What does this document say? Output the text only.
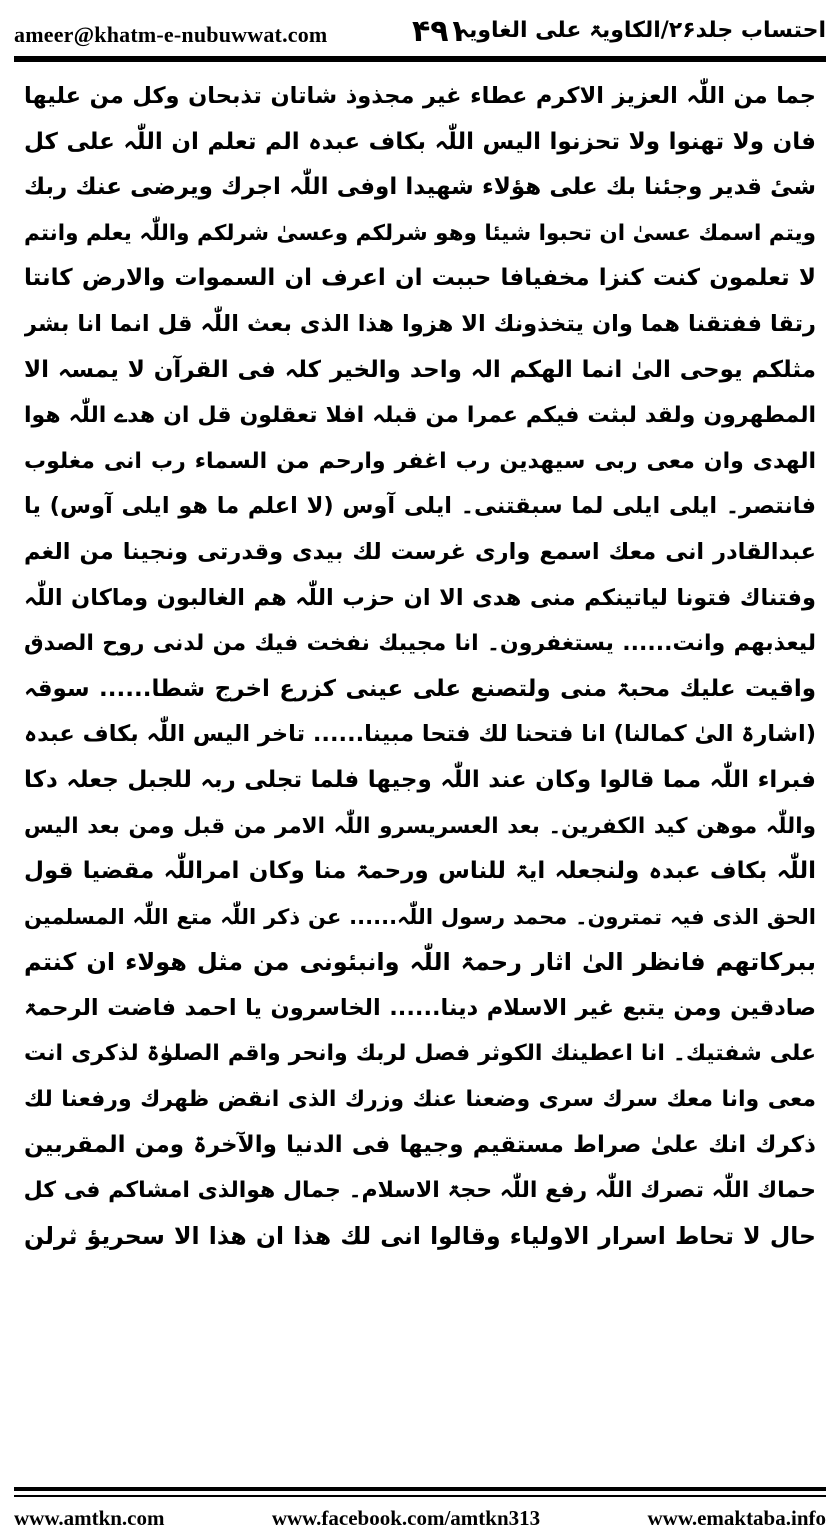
ameer@khatm-e-nubuwwat.com	۴۹۱
احتساب جلد۲۶/الکاویۃ علی الغاویہ
جما من اللّٰہ العزیز الاکرم عطاء غیر مجذوذ شاتان تذبحان وکل من علیھا
فان ولا تھنوا ولا تحزنوا الیس اللّٰہ بکاف عبدہ الم تعلم ان اللّٰہ علی کل
شیٔ قدیر وجئنا بك علی ھؤلاء شھیدا اوفی اللّٰہ اجرك ویرضی عنك ربك
ویتم اسمك عسیٰ ان تحبوا شیئا وھو شرلکم وعسیٰ شرلکم واللّٰہ یعلم وانتم
لا تعلمون کنت کنزا مخفیافا حببت ان اعرف ان السموات والارض کانتا
رتقا ففتقنا ھما وان یتخذونك الا ھزوا ھذا الذی بعث اللّٰہ قل انما انا بشر
مثلکم یوحی الیٰ انما الھکم الہ واحد والخیر کلہ فی القرآن لا یمسہ الا
المطھرون ولقد لبثت فیکم عمرا من قبلہ افلا تعقلون قل ان ھدے اللّٰہ ھوا
الھدی وان معی ربی سیھدین رب اغفر وارحم من السماء رب انی مغلوب
فانتصر۔ ایلی ایلی لما سبقتنی۔ ایلی آوس (لا اعلم ما ھو ایلی آوس) یا
عبدالقادر انی معك اسمع واری غرست لك بیدی وقدرتی ونجینا من الغم
وفتناك فتونا لیاتینکم منی ھدی الا ان حزب اللّٰہ ھم الغالبون وماکان اللّٰہ
لیعذبھم وانت...... یستغفرون۔ انا مجیبك نفخت فیك من لدنی روح الصدق
واقیت علیك محبۃ منی ولتصنع علی عینی کزرع اخرج شطا...... سوقہ
(اشارۃ الیٰ کمالنا) انا فتحنا لك فتحا مبینا...... تاخر الیس اللّٰہ بکاف عبدہ
فبراء اللّٰہ مما قالوا وکان عند اللّٰہ وجیھا فلما تجلی ربہ للجبل جعلہ دکا
واللّٰہ موھن کید الکفرین۔ بعد العسریسرو اللّٰہ الامر من قبل ومن بعد الیس
اللّٰہ بکاف عبدہ ولنجعلہ ایۃ للناس ورحمۃ منا وکان امراللّٰہ مقضیا قول
الحق الذی فیہ تمترون۔ محمد رسول اللّٰہ...... عن ذکر اللّٰہ متع اللّٰہ المسلمین
ببرکاتھم فانظر الیٰ اثار رحمۃ اللّٰہ وانبئونی من مثل ھولاء ان کنتم
صادقین ومن یتبع غیر الاسلام دینا...... الخاسرون یا احمد فاضت الرحمۃ
علی شفتیك۔ انا اعطینك الکوثر فصل لربك وانحر واقم الصلوٰۃ لذکری انت
معی وانا معك سرك سری وضعنا عنك وزرك الذی انقض ظھرك ورفعنا لك
ذکرك انك علیٰ صراط مستقیم وجیھا فی الدنیا والآخرۃ ومن المقربین
حماك اللّٰہ تصرك اللّٰہ رفع اللّٰہ حجۃ الاسلام۔ جمال ھوالذی امشاکم فی کل
حال لا تحاط اسرار الاولیاء وقالوا انی لك ھذا ان ھذا الا سحریؤ ثرلن
www.amtkn.com	www.facebook.com/amtkn313	www.emaktaba.info
